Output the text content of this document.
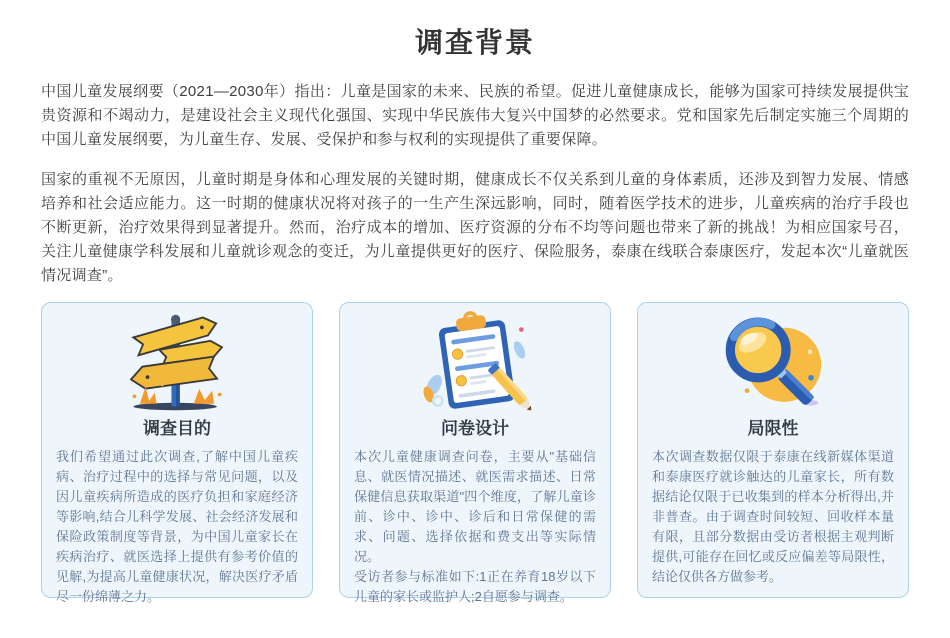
调查背景

中国儿童发展纲要（2021—2030年）指出：儿童是国家的未来、民族的希望。促进儿童健康成长，能够为国家可持续发展提供宝贵资源和不竭动力，是建设社会主义现代化强国、实现中华民族伟大复兴中国梦的必然要求。党和国家先后制定实施三个周期的中国儿童发展纲要，为儿童生存、发展、受保护和参与权利的实现提供了重要保障。

国家的重视不无原因，儿童时期是身体和心理发展的关键时期，健康成长不仅关系到儿童的身体素质，还涉及到智力发展、情感培养和社会适应能力。这一时期的健康状况将对孩子的一生产生深远影响，同时，随着医学技术的进步，儿童疾病的治疗手段也不断更新，治疗效果得到显著提升。然而，治疗成本的增加、医疗资源的分布不均等问题也带来了新的挑战！为相应国家号召，关注儿童健康学科发展和儿童就诊观念的变迁，为儿童提供更好的医疗、保险服务，泰康在线联合泰康医疗，发起本次“儿童就医情况调查”。

调查目的
我们希望通过此次调查,了解中国儿童疾病、治疗过程中的选择与常见问题，以及因儿童疾病所造成的医疗负担和家庭经济等影响,结合儿科学发展、社会经济发展和保险政策制度等背景，为中国儿童家长在疾病治疗、就医选择上提供有参考价值的见解,为提高儿童健康状况，解决医疗矛盾尽一份绵薄之力。
问卷设计
本次儿童健康调查问卷，主要从"基础信息、就医情况描述、就医需求描述、日常保健信息获取渠道"四个维度，了解儿童诊前、诊中、诊中、诊后和日常保健的需求、问题、选择依据和费支出等实际情况。
受访者参与标准如下:1正在养育18岁以下儿童的家长或监护人;2自愿参与调查。
局限性
本次调查数据仅限于泰康在线新媒体渠道和泰康医疗就诊触达的儿童家长，所有数据结论仅限于已收集到的样本分析得出,并非普查。由于调查时间较短、回收样本量有限，且部分数据由受访者根据主观判断提供,可能存在回忆或反应偏差等局限性，结论仅供各方做参考。
